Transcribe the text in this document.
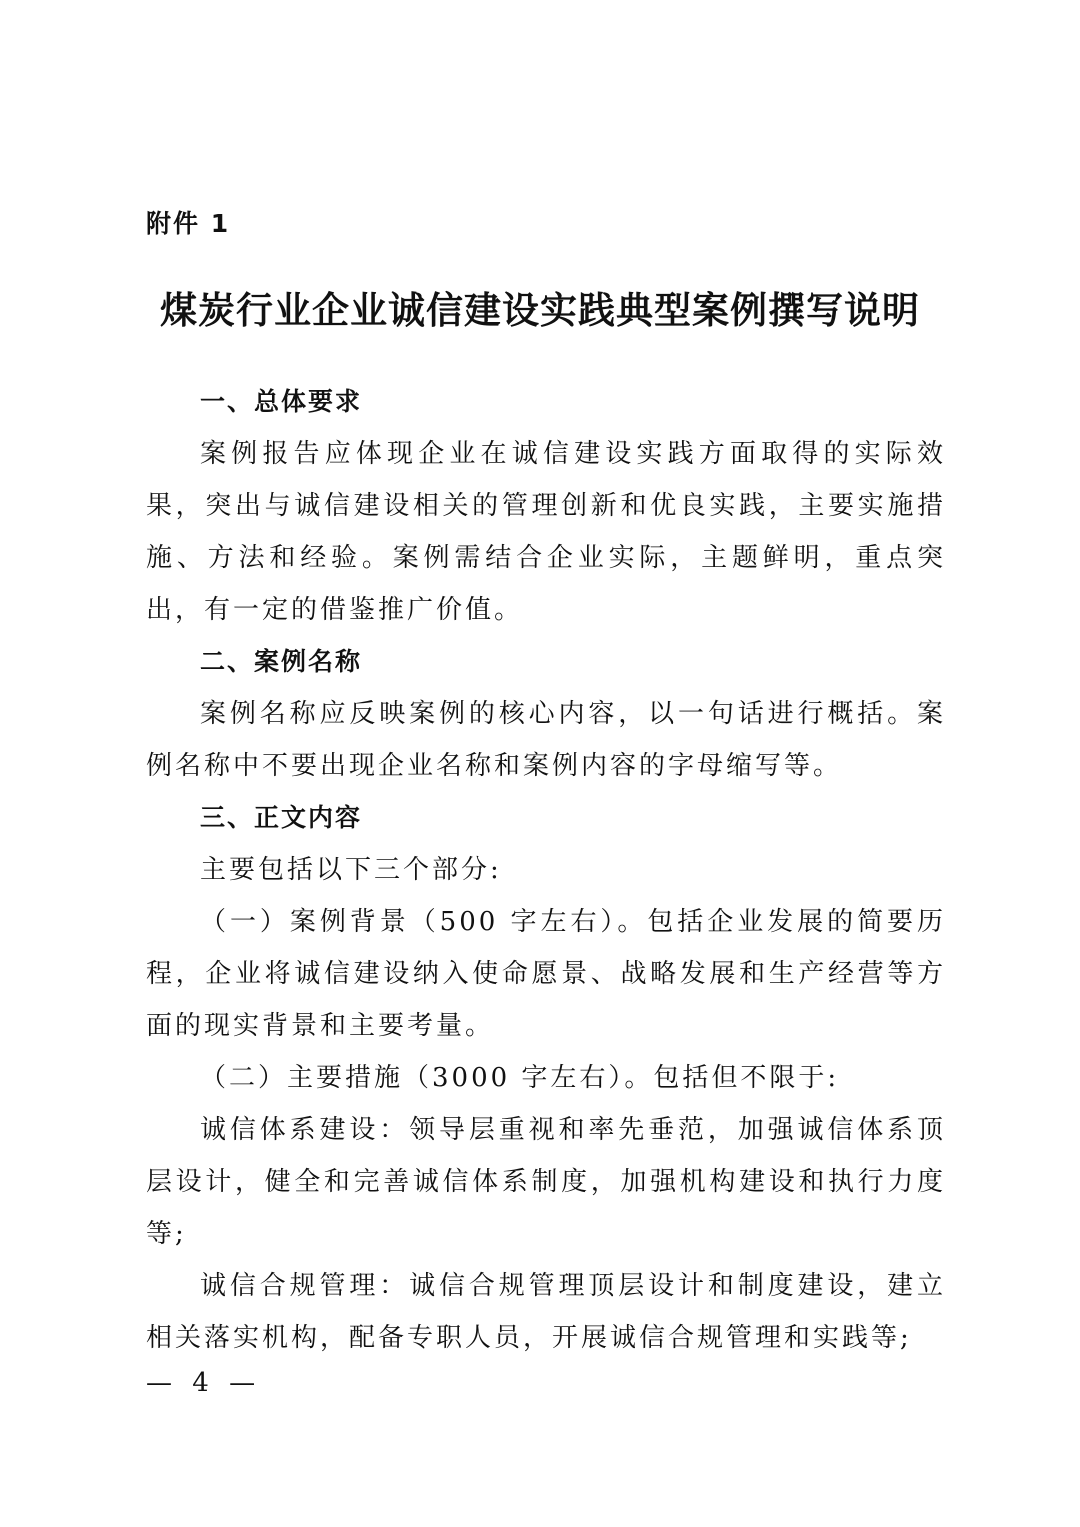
附件 1
煤炭行业企业诚信建设实践典型案例撰写说明

一、总体要求

案例报告应体现企业在诚信建设实践方面取得的实际效果，突出与诚信建设相关的管理创新和优良实践，主要实施措施、方法和经验。案例需结合企业实际，主题鲜明，重点突出，有一定的借鉴推广价值。

二、案例名称

案例名称应反映案例的核心内容，以一句话进行概括。案例名称中不要出现企业名称和案例内容的字母缩写等。

三、正文内容

主要包括以下三个部分:

（一）案例背景（500 字左右）。包括企业发展的简要历程，企业将诚信建设纳入使命愿景、战略发展和生产经营等方面的现实背景和主要考量。

（二）主要措施（3000 字左右）。包括但不限于:

诚信体系建设：领导层重视和率先垂范，加强诚信体系顶层设计，健全和完善诚信体系制度，加强机构建设和执行力度等;

诚信合规管理：诚信合规管理顶层设计和制度建设，建立相关落实机构，配备专职人员，开展诚信合规管理和实践等;

— 4 —
